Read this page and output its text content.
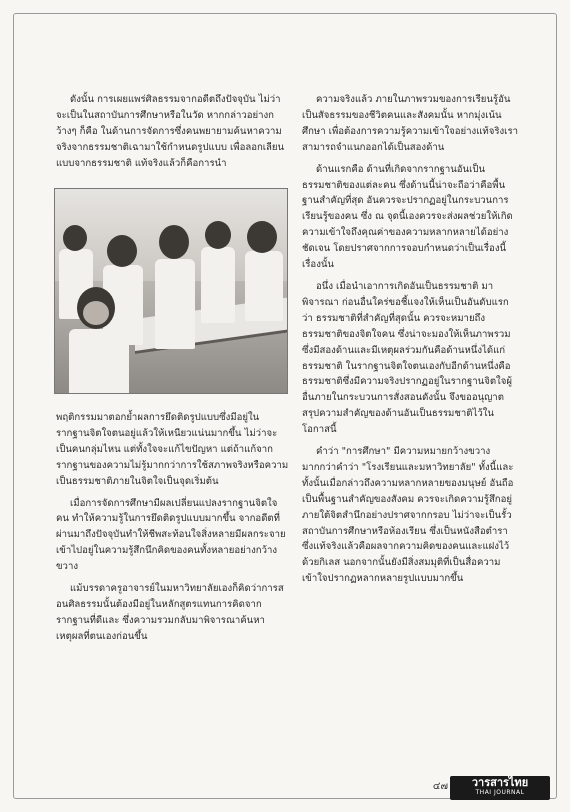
ดังนั้น การเผยแพร่ศิลธรรมจากอดีตถึงปัจจุบัน ไม่ว่าจะเป็นในสถาบันการศึกษาหรือในวัด หากกล่าวอย่างกว้างๆ ก็คือ ในด้านการจัดการซึ่งคนพยายามค้นหาความจริงจากธรรมชาติเฉามาใช้กำหนดรูปแบบ เพื่อลอกเลียนแบบจากธรรมชาติ แท้จริงแล้วก็คือการนำ

ความจริงแล้ว ภายในภาพรวมของการเรียนรู้อันเป็นสัจธรรมของชีวิตคนและสังคมนั้น หากมุ่งเน้นศึกษา เพื่อต้องการความรู้ความเข้าใจอย่างแท้จริงเราสามารถจำแนกออกได้เป็นสองด้าน

ด้านแรกคือ ด้านที่เกิดจากรากฐานอันเป็นธรรมชาติของแต่ละคน ซึ่งด้านนี้น่าจะถือว่าคือพื้นฐานสำคัญที่สุด อันควรจะปรากฏอยู่ในกระบวนการเรียนรู้ของคน ซึ่ง ณ จุดนี้เองควรจะส่งผลช่วยให้เกิดความเข้าใจถึงคุณค่าของความหลากหลายได้อย่างชัดเจน โดยปราศจากการจอบกำหนดว่าเป็นเรื่องนี้เรื่องนั้น

อนึ่ง เมื่อนำเอาการเกิดอันเป็นธรรมชาติ มาพิจารณา ก่อนอื่นใคร่ขอชี้แจงให้เห็นเป็นอันดับแรกว่า ธรรมชาติที่สำคัญที่สุดนั้น ควรจะหมายถึงธรรมชาติของจิตใจคน ซึ่งน่าจะมองให้เห็นภาพรวมซึ่งมีสองด้านและมีเหตุผลร่วมกันคือด้านหนึ่งได้แก่ธรรมชาติ ในรากฐานจิตใจตนเองกับอีกด้านหนึ่งคือธรรมชาติซึ่งมีความจริงปรากฏอยู่ในรากฐานจิตใจผู้อื่นภายในกระบวนการสั่งสอนดังนั้น จึงขออนุญาตสรุปความสำคัญของด้านอันเป็นธรรมชาติไว้ในโอกาสนี้

คำว่า "การศึกษา" มีความหมายกว้างขวางมากกว่าคำว่า "โรงเรียนและมหาวิทยาลัย" ทั้งนี้และทั้งนั้นเมื่อกล่าวถึงความหลากหลายของมนุษย์ อันถือเป็นพื้นฐานสำคัญของสังคม ควรจะเกิดความรู้สึกอยู่ภายใต้จิตสำนึกอย่างปราศจากกรอบ ไม่ว่าจะเป็นรั้วสถาบันการศึกษาหรือห้องเรียน ซึ่งเป็นหนังสือตำรา ซึ่งแท้จริงแล้วคือผลจากความคิดของคนและแฝงไว้ด้วยกิเลส นอกจากนั้นยังมีสิ่งสมมุติที่เป็นสื่อความเข้าใจปรากฏหลากหลายรูปแบบมากขึ้น

พฤติกรรมมาตอกย้ำผลการยึดติดรูปแบบซึ่งมีอยู่ในรากฐานจิตใจตนอยู่แล้วให้เหนียวแน่นมากขึ้น ไม่ว่าจะเป็นคนกลุ่มไหน แต่ทั้งใจจะแก้ไขปัญหา แต่ถ้าแก้จากรากฐานของความไม่รู้มากกว่าการใช้สภาพจริงหรือความเป็นธรรมชาติภายในจิตใจเป็นจุดเริ่มต้น

เมื่อการจัดการศึกษามีผลเปลี่ยนแปลงรากฐานจิตใจคน ทำให้ความรู้ในการยึดติดรูปแบบมากขึ้น จากอดีตที่ผ่านมาถึงปัจจุบันทำให้ชีพสะท้อนใจสิ่งหลายมีผลกระจายเข้าไปอยู่ในความรู้สึกนึกคิดของคนทั้งหลายอย่างกว้างขวาง

แม้บรรดาครูอาจารย์ในมหาวิทยาลัยเองก็คิดว่าการสอนศิลธรรมนั้นต้องมีอยู่ในหลักสูตรแทนการคิดจากรากฐานที่ดีและ ซึ่งความรวมกลับมาพิจารณาค้นหาเหตุผลที่ตนเองก่อนขึ้น

๔๗ วารสารไทย
THAI JOURNAL
